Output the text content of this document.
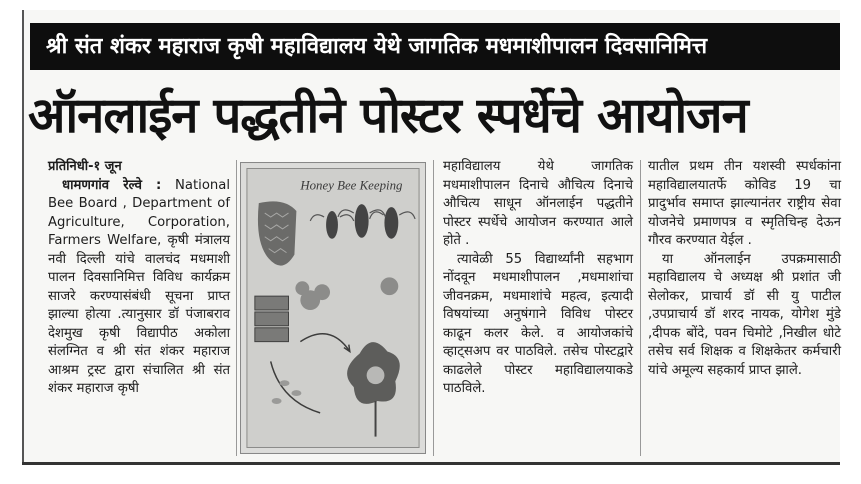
श्री संत शंकर महाराज कृषी महाविद्यालय येथे जागतिक मधमाशीपालन दिवसानिमित्त
ऑनलाईन पद्धतीने पोस्टर स्पर्धेचे आयोजन

प्रतिनिधी-१ जून

धामणगांव रेल्वे : National Bee Board , Department of Agriculture, Corporation, Farmers Welfare, कृषी मंत्रालय नवी दिल्ली यांचे वालचंद मधमाशी पालन दिवसानिमित्त विविध कार्यक्रम साजरे करण्यासंबंधी सूचना प्राप्त झाल्या होत्या .त्यानुसार डॉ पंजाबराव देशमुख कृषी विद्यापीठ अकोला संलग्नित व श्री संत शंकर महाराज आश्रम ट्रस्ट द्वारा संचालित श्री संत शंकर महाराज कृषी

Honey Bee Keeping

महाविद्यालय येथे जागतिक मधमाशीपालन दिनाचे औचित्य दिनाचे औचित्य साधून ऑनलाईन पद्धतीने पोस्टर स्पर्धेचे आयोजन करण्यात आले होते .

त्यावेळी 55 विद्यार्थ्यांनी सहभाग नोंदवून मधमाशीपालन ,मधमाशांचा जीवनक्रम, मधमाशांचे महत्व, इत्यादी विषयांच्या अनुषंगाने विविध पोस्टर काढून कलर केले. व आयोजकांचे व्हाट्सअप वर पाठविले. तसेच पोस्टद्वारे काढलेले पोस्टर महाविद्यालयाकडे पाठविले.

यातील प्रथम तीन यशस्वी स्पर्धकांना महाविद्यालयातर्फे कोविड 19 चा प्रादुर्भाव समाप्त झाल्यानंतर राष्ट्रीय सेवा योजनेचे प्रमाणपत्र व स्मृतिचिन्ह देऊन गौरव करण्यात येईल .

या ऑनलाईन उपक्रमासाठी महाविद्यालय चे अध्यक्ष श्री प्रशांत जी सेलोकर, प्राचार्य डॉ सी यु पाटील ,उपप्राचार्य डॉ शरद नायक, योगेश मुंडे ,दीपक बोंदे, पवन चिमोटे ,निखील धोटे तसेच सर्व शिक्षक व शिक्षकेतर कर्मचारी यांचे अमूल्य सहकार्य प्राप्त झाले.
